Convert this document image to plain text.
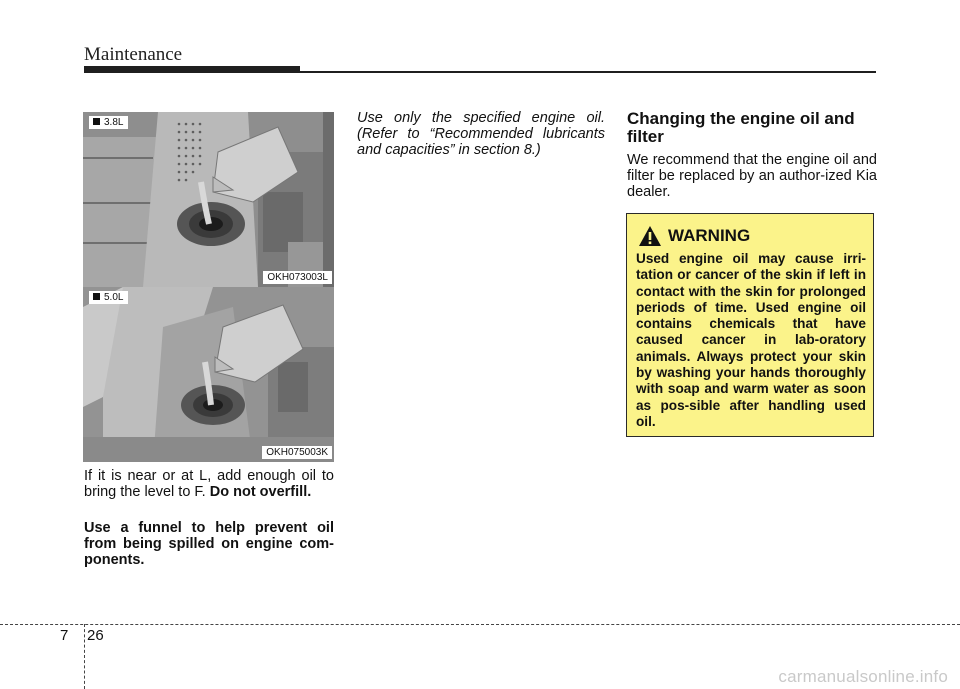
Maintenance
3.8L
OKH073003L
5.0L
OKH075003K
If it is near or at L, add enough oil to bring the level to F. Do not overfill.
Use a funnel to help prevent oil from being spilled on engine com-ponents.
Use only the specified engine oil. (Refer to “Recommended lubricants and capacities” in section 8.)
Changing the engine oil and filter
We recommend that the engine oil and filter be replaced by an author-ized Kia dealer.
WARNING
Used engine oil may cause irri-tation or cancer of the skin if left in contact with the skin for prolonged periods of time. Used engine oil contains chemicals that have caused cancer in lab-oratory animals. Always protect your skin by washing your hands thoroughly with soap and warm water as soon as pos-sible after handling used oil.
7 26
carmanualsonline.info
